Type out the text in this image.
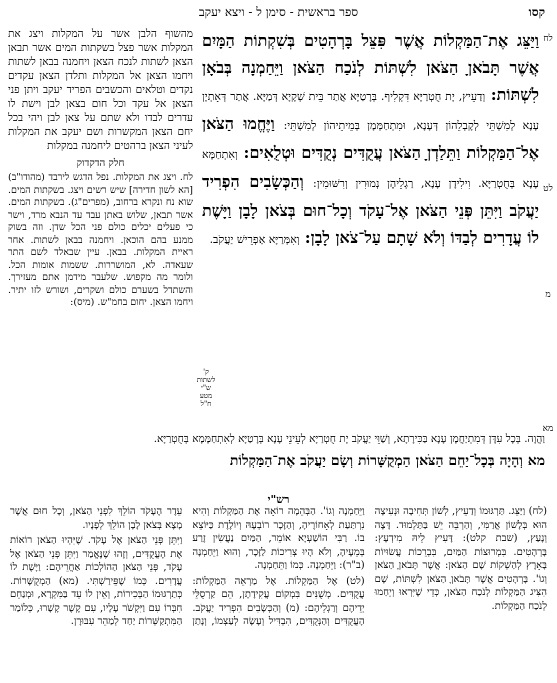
קסו
ספר בראשית - סימן ל - ויצא יעקב
לח
לט
מ
מא

וַיַּצֵּג אֶת־הַמַּקְלוֹת אֲשֶׁר פִּצֵּל בָּרְהָטִים בְּשִׁקְתוֹת הַמָּיִם אֲשֶׁר תָּבֹאןָ הַצֹּאן לִשְׁתּוֹת לְנֹכַח הַצֹּאן וַיֵּחַמְנָה בְּבֹאָן לִשְׁתּוֹת: וְדַעֵיץ, יָת חֻטְרַיָּא דִּקְלִיף. בְּרָטַיָּא אֲתַר בֵּית שְׁקָיָא דְּמַיָּא. אֲתַר דְּאָתְיָן עָנָא לְמִשְׁתֵּי לְקָבְלֵהוֹן דְּעָנָא, וּמִתְחַמְּמָן בְּמֵיתֵיהוֹן לְמִשְׁתֵּי: וַיֶּחֱמוּ הַצֹּאן אֶל־הַמַּקְלוֹת וַתֵּלַדְןָ הַצֹּאן עֲקֻדִּים נְקֻדִּים וּטְלֻאִים: וְאִתְחַמָּא עָנָא בְּחֻטְרַיָּא. וִילִידָן עָנָא, רַגְלֵיהֶן נְמוּרִין וְרִשּׁוּמִין: וְהַכְּשָׂבִים הִפְרִיד יַעֲקֹב וַיִּתֵּן פְּנֵי הַצֹּאן אֶל־עָקֹד וְכָל־חוּם בְּצֹאן לָבָן וַיָּשֶׁת לוֹ עֲדָרִים לְבַדּוֹ וְלֹא שָׁתָם עַל־צֹאן לָבָן: וְאִמְּרַיָּא אַפְרֵישׁ יַעֲקֹב.

ק' לשתות ש"י מטע ח"ל
מהשוף הלבן אשר על המקלות ויצג את המקלות אשר פצל בשקתות המים אשר תבאן הצאן לשתות לנכח הצאן ויחמנה בבאן לשתות ויחמו הצאן אל המקלות ותלדן הצאן עקדים נקדים וטלאים והכשבים הפריד יעקב ויתן פני הצאן אל עקד וכל חום בצאן לבן וישת לו עדרים לבדו ולא שתם על צאן לבן ויהי בכל יחם הצאן המקשרות ושם יעקב את המקלות לעיני הצאן ברהטים ליחמנה במקלות
חלק הדקדוק
לח. ויצג את המקלות. נפל הדגש לירבד (מהודו"ב) [הא לשון חדירה] שיש רשים ויצג. בשקתות המים. שוא נח ונקרא ברחוב, (מפרים"ג). בשקתות המים. אשר תבאן, שלוש באתן עבד עד הנבא מרד, וישר כי פעלים יכלים כולם פני הכל שדן. וזה בשוק ממנע בהם הוכאן. ויחמנה בבאן לשתות. אחר ראיית המקלות. בבאן. עיין שבאלד לשם התר שעאדה. לא, המושררות. ששמות אומות הכל. ולומר מה מקפוש. שלעבר מידמן אתם מעזירך. והשתדל בשערם כולם ושקרים, ושורש לזו יתיר. ויחמו הצאן. יחום בחמ"ש. (מיס):
וַהֲוָה. בְּכָל עִדָּן דְּמִתְיַחֲמָן עָנָא בַּכִּירָתָא, וְשַׁוֵּי יַעֲקֹב יָת חֻטְרַיָּא לְעֵינֵי עָנָא בְּרָטַיָּא לְאִתְחַמָּמָא בְּחֻטְרַיָּא.
מא וְהָיָה בְּכָל־יַחֵם הַצֹּאן הַמְקֻשָּׁרוֹת וְשָׂם יַעֲקֹב אֶת־הַמַּקְלוֹת
רש"י

(לח) וַיַּצֵּג. תַּרְגּוּמוֹ וְדַעֵיץ, לְשׁוֹן תְּחִיבָה וּנְעִיצָה הוּא בְּלָשׁוֹן אֲרַמִּי, וְהַרְבֵּה יֵשׁ בַּתַּלְמוּד. דָּצָה וְנָעַץ, (שבת קלט): דָּעִיץ לֵיהּ מִידְעָץ: בָּרְהָטִים. בִּמְרוּצוֹת הַמַּיִם, בִּבְרֵכוֹת עֲשׂוּיוֹת בָּאָרֶץ לְהַשְׁקוֹת שָׁם הַצֹּאן: אֲשֶׁר תָּבֹאןָ הַצֹּאן וְגוֹ'. בָּרְהָטִים אֲשֶׁר תָּבֹאןָ הַצֹּאן לִשְׁתּוֹת, שָׁם הִצִּיג הַמַּקְלוֹת לְנֹכַח הַצֹּאן, כְּדֵי שֶׁיִּרְאוּ וְיֵחַמוּ לְנֹכַח הַמַּקְלוֹת.

וַיֵּחַמְנָה וְגוֹ'. הַבְּהֵמָה רוֹאָה אֶת הַמַּקְלוֹת וְהִיא נִרְתַּעַת לְאָחוֹרֶיהָ, וְהַזָּכָר רוֹבְעָהּ וְיוֹלֶדֶת כַּיּוֹצֵא בוֹ. רַבִּי הוֹשַׁעְיָא אוֹמֵר, הַמַּיִם נַעֲשִׂין זֶרַע בְּמֵעֶיהָ, וְלֹא הָיוּ צְרִיכוֹת לַזָּכָר, וְהוּא וַיֵּחַמְנָה (ב"ר): וַיֵּחַמְנָה. כְּמוֹ וַתֵּחַמְנָה.

(לט) אֶל הַמַּקְלוֹת. אֶל מַרְאֵה הַמַּקְלוֹת: עֲקֻדִּים. מְשֻׁנִּים בִּמְקוֹם עֲקִידָתָן, הֵם קַרְסֻלֵּי יְדֵיהֶם וְרַגְלֵיהֶם: (מ) וְהַכְּשָׂבִים הִפְרִיד יַעֲקֹב. הָעֲקֻדִּים וְהַנְּקֻדִּים, הִבְדִּיל וְעָשָׂה לְעַצְמוֹ, וְנָתַן עֵדֶר הֶעָקֹד הוֹלֵךְ לִפְנֵי הַצֹּאן, וְכָל חוּם אֲשֶׁר מָצָא בְּצֹאן לָבָן הוֹלֵךְ לְפָנָיו.

וַיִּתֵּן פְּנֵי הַצֹּאן אֶל עָקֹד. שֶׁיִּהְיוּ הַצֹּאן רוֹאוֹת אֶת הָעֲקֻדִּים, וְזֶהוּ שֶׁנֶּאֱמַר וַיִּתֵּן פְּנֵי הַצֹּאן אֶל עָקֹד, פְּנֵי הַצֹּאן הַהוֹלְכוֹת אַחֲרֵיהֶם: וַיָּשֶׁת לוֹ עֲדָרִים. כְּמוֹ שֶׁפֵּירַשְׁתִּי. (מא) הַמְקֻשָּׁרוֹת. כְּתַרְגּוּמוֹ הַבְּכִירוֹת, וְאֵין לוֹ עֵד בַּמִּקְרָא, וּמְנַחֵם חִבְּרוֹ עִם וַיִּקְשֹׁר עָלָיו, עִם קֶשֶׁר קָשָׁרוּ, כְּלוֹמַר הַמִּתְקַשְּׁרוֹת יַחַד לְמַהֵר עִבּוּרָן.
